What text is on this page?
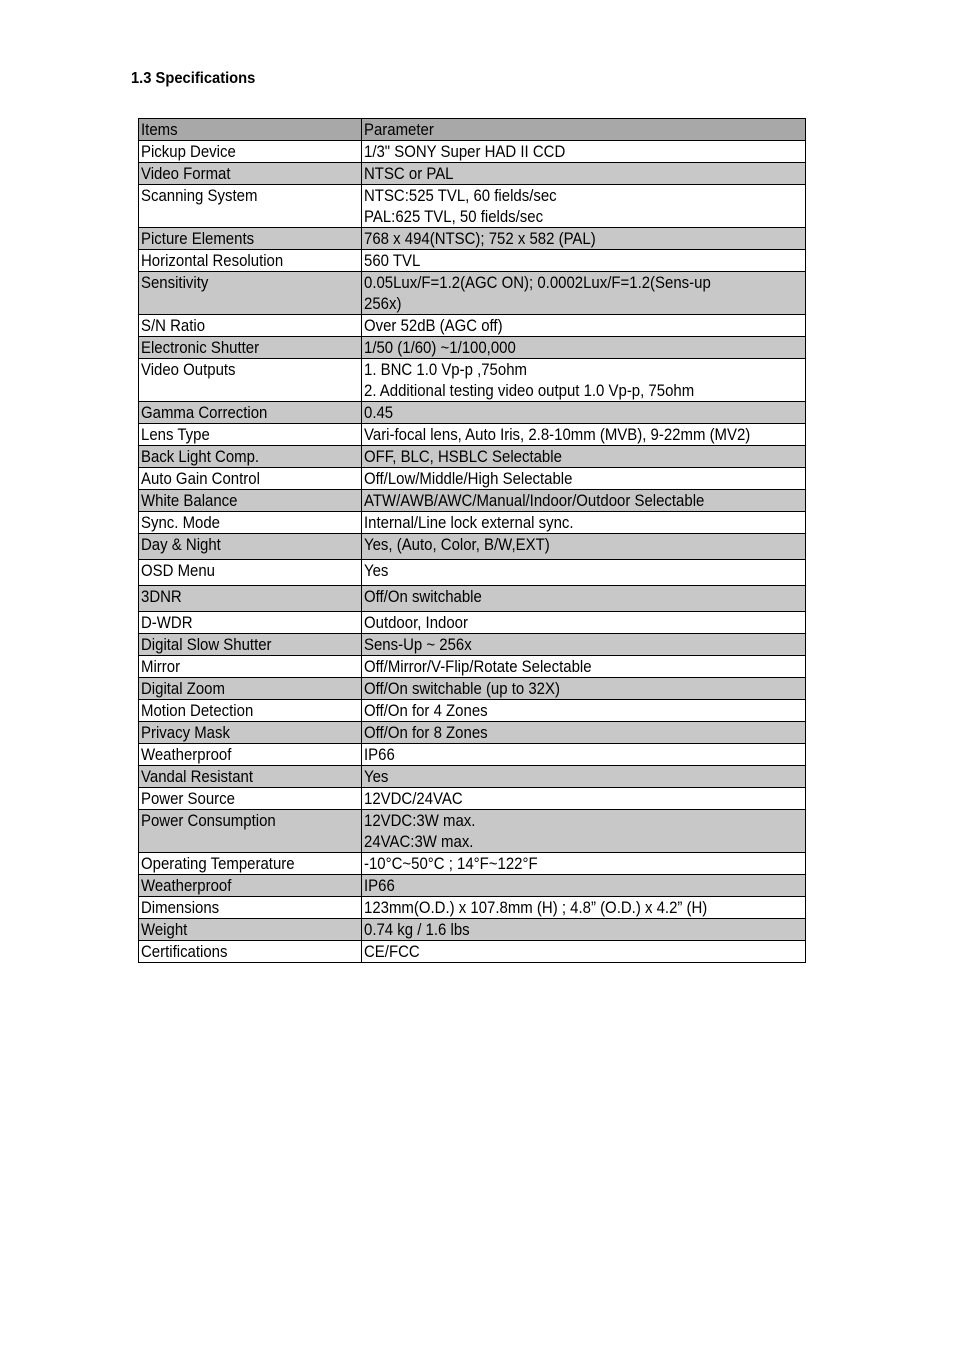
1.3 Specifications
Items	Parameter
Pickup Device	1/3" SONY Super HAD II CCD
Video Format	NTSC or PAL
Scanning System	NTSC:525 TVL, 60 fields/sec
PAL:625 TVL, 50 fields/sec
Picture Elements	768 x 494(NTSC); 752 x 582 (PAL)
Horizontal Resolution	560 TVL
Sensitivity	0.05Lux/F=1.2(AGC ON); 0.0002Lux/F=1.2(Sens-up 256x)
S/N Ratio	Over 52dB (AGC off)
Electronic Shutter	1/50 (1/60) ~1/100,000
Video Outputs	1. BNC 1.0 Vp-p ,75ohm
2. Additional testing video output 1.0 Vp-p, 75ohm
Gamma Correction	0.45
Lens Type	Vari-focal lens, Auto Iris, 2.8-10mm (MVB), 9-22mm (MV2)
Back Light Comp.	OFF, BLC, HSBLC Selectable
Auto Gain Control	Off/Low/Middle/High Selectable
White Balance	ATW/AWB/AWC/Manual/Indoor/Outdoor Selectable
Sync. Mode	Internal/Line lock external sync.
Day & Night	Yes, (Auto, Color, B/W,EXT)
OSD Menu	Yes
3DNR	Off/On switchable
D-WDR	Outdoor, Indoor
Digital Slow Shutter	Sens-Up ~ 256x
Mirror	Off/Mirror/V-Flip/Rotate Selectable
Digital Zoom	Off/On switchable (up to 32X)
Motion Detection	Off/On for 4 Zones
Privacy Mask	Off/On for 8 Zones
Weatherproof	IP66
Vandal Resistant	Yes
Power Source	12VDC/24VAC
Power Consumption	12VDC:3W max.
24VAC:3W max.
Operating Temperature	-10°C~50°C ; 14°F~122°F
Weatherproof	IP66
Dimensions	123mm(O.D.) x 107.8mm (H) ; 4.8” (O.D.) x 4.2” (H)
Weight	0.74 kg / 1.6 lbs
Certifications	CE/FCC
